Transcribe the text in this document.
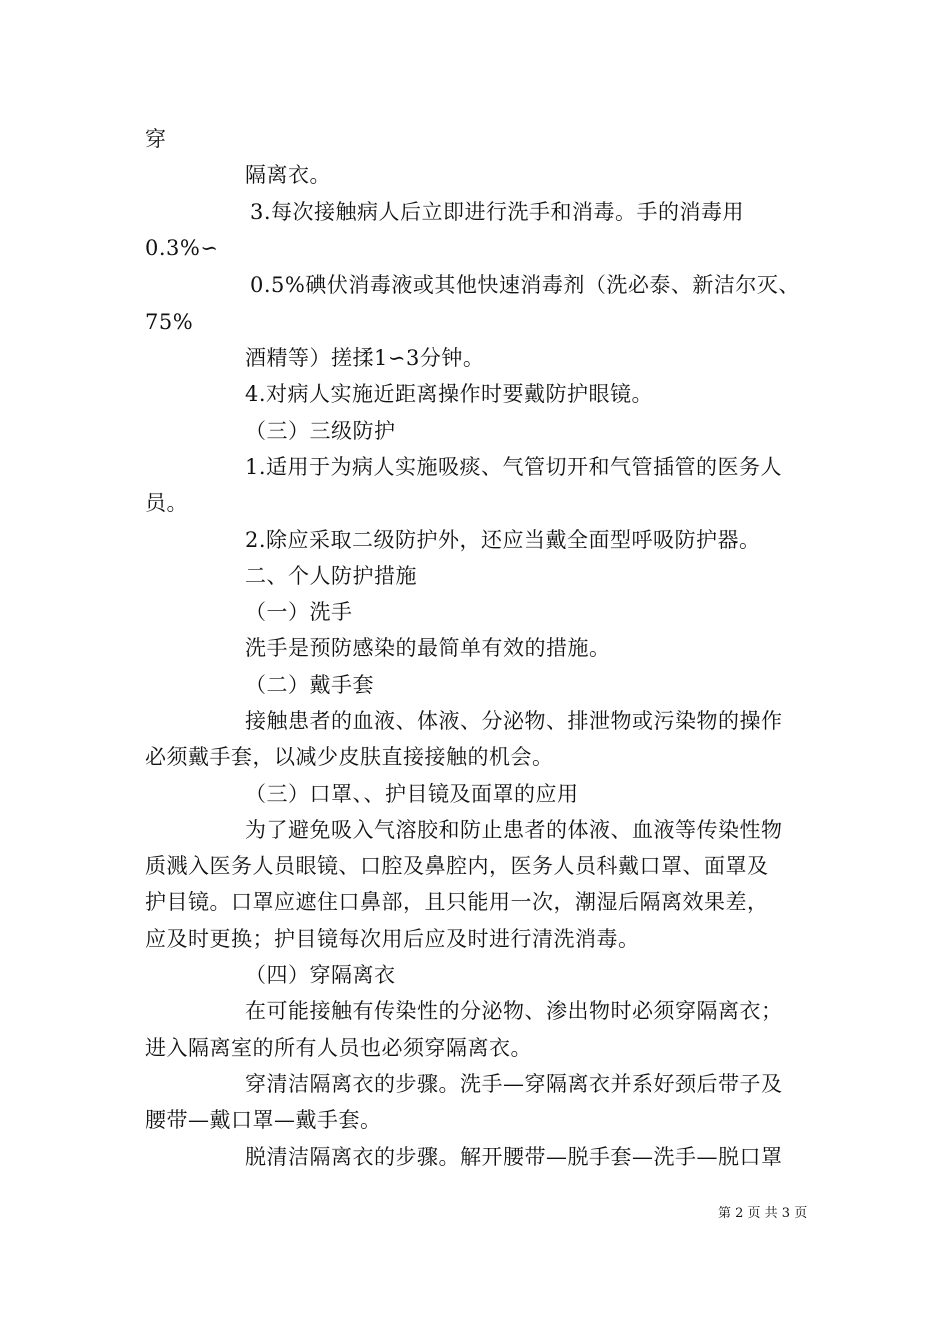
穿
隔离衣。
3.每次接触病人后立即进行洗手和消毒。手的消毒用
0.3%∽
0.5%碘伏消毒液或其他快速消毒剂（洗必泰、新洁尔灭、
75%
酒精等）搓揉1∽3分钟。
4.对病人实施近距离操作时要戴防护眼镜。
（三）三级防护
1.适用于为病人实施吸痰、气管切开和气管插管的医务人
员。
2.除应采取二级防护外，还应当戴全面型呼吸防护器。
二、个人防护措施
（一）洗手
洗手是预防感染的最简单有效的措施。
（二）戴手套
接触患者的血液、体液、分泌物、排泄物或污染物的操作
必须戴手套，以减少皮肤直接接触的机会。
（三）口罩、、护目镜及面罩的应用
为了避免吸入气溶胶和防止患者的体液、血液等传染性物
质溅入医务人员眼镜、口腔及鼻腔内，医务人员科戴口罩、面罩及
护目镜。口罩应遮住口鼻部，且只能用一次，潮湿后隔离效果差，
应及时更换；护目镜每次用后应及时进行清洗消毒。
（四）穿隔离衣
在可能接触有传染性的分泌物、渗出物时必须穿隔离衣；
进入隔离室的所有人员也必须穿隔离衣。
穿清洁隔离衣的步骤。洗手—穿隔离衣并系好颈后带子及
腰带—戴口罩—戴手套。
脱清洁隔离衣的步骤。解开腰带—脱手套—洗手—脱口罩
第 2 页 共 3 页
